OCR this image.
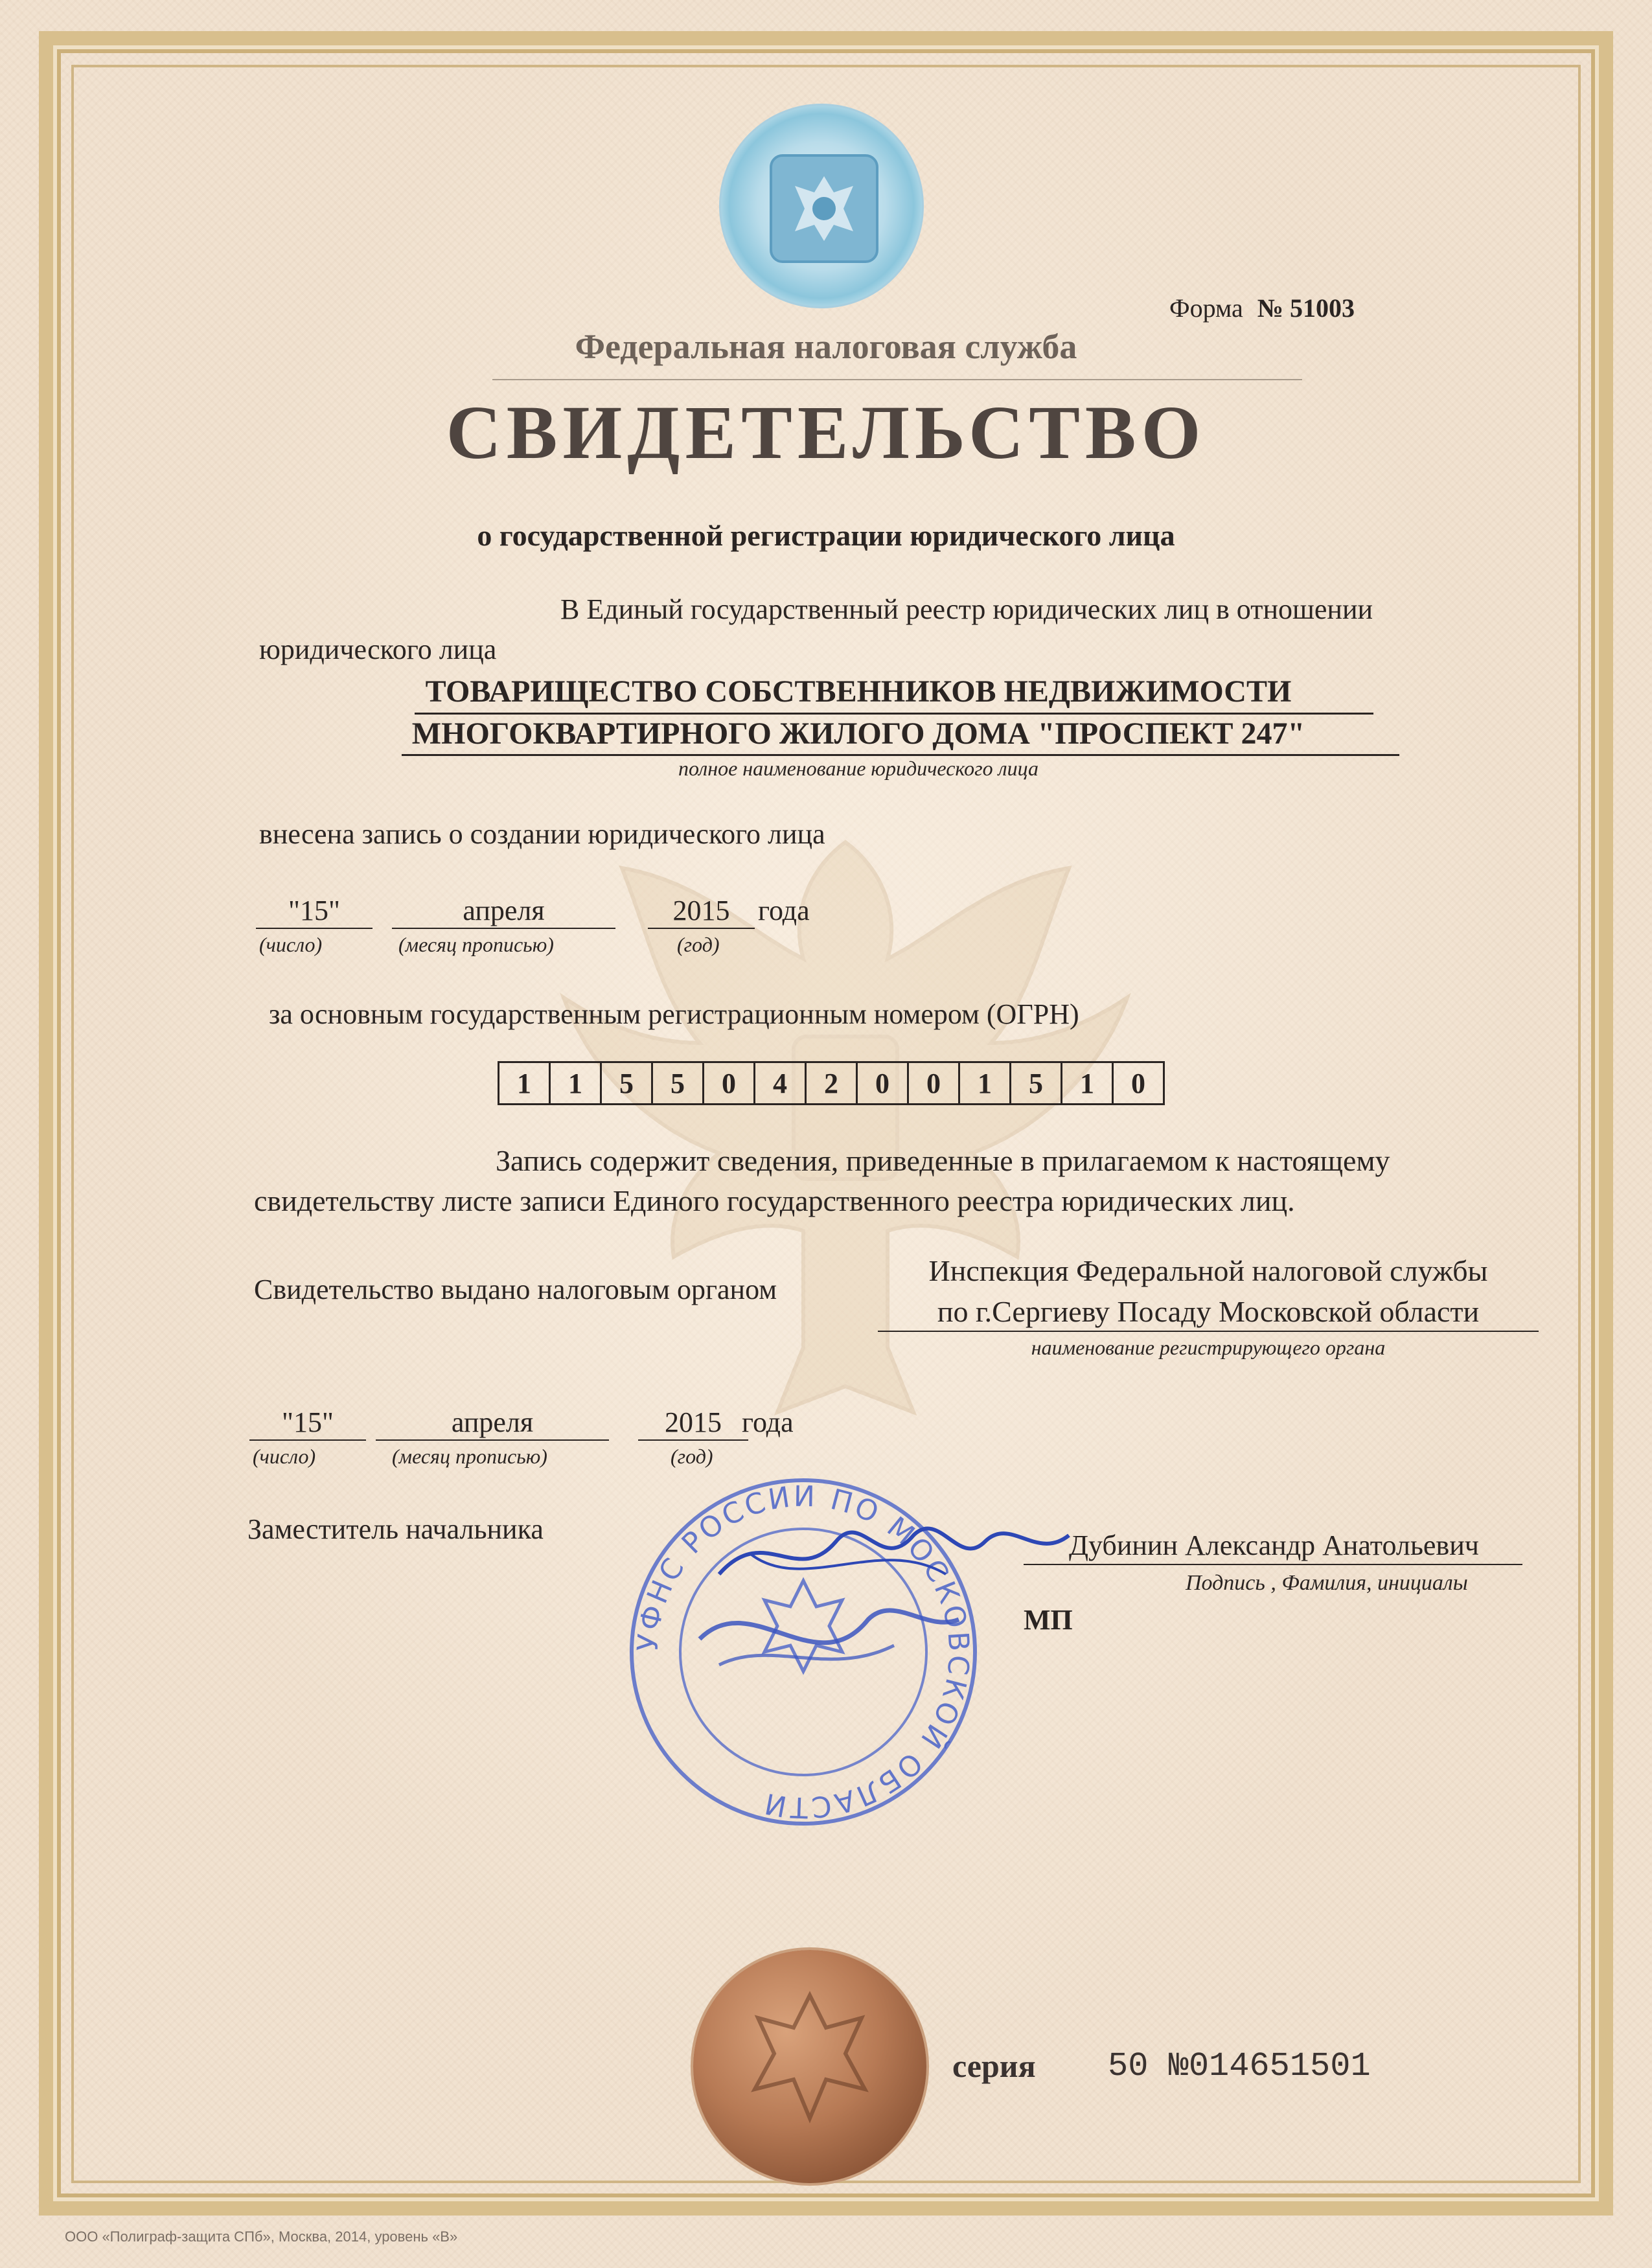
Форма № 51003
Федеральная налоговая служба
СВИДЕТЕЛЬСТВО
о государственной регистрации юридического лица
В Единый государственный реестр юридических лиц в отношении
юридического лица
ТОВАРИЩЕСТВО СОБСТВЕННИКОВ НЕДВИЖИМОСТИ
МНОГОКВАРТИРНОГО ЖИЛОГО ДОМА "ПРОСПЕКТ 247"
полное наименование юридического лица
внесена запись о создании юридического лица
"15"
(число)
апреля
(месяц прописью)
2015
(год)
года
за основным государственным регистрационным номером (ОГРН)
1	1	5	5	0	4	2	0	0	1	5	1	0
Запись содержит сведения, приведенные в прилагаемом к настоящему
свидетельству листе записи Единого государственного реестра юридических лиц.
Свидетельство выдано налоговым органом
Инспекция Федеральной налоговой службы
по г.Сергиеву Посаду Московской области
наименование регистрирующего органа
"15"
(число)
апреля
(месяц прописью)
2015
(год)
года
Заместитель начальника
Дубинин Александр Анатольевич
Подпись , Фамилия, инициалы
МП
УФНС РОССИИ ПО МОСКОВСКОЙ ОБЛАСТИ
серия 50 №014651501
ООО «Полиграф-защита СПб», Москва, 2014, уровень «В»
